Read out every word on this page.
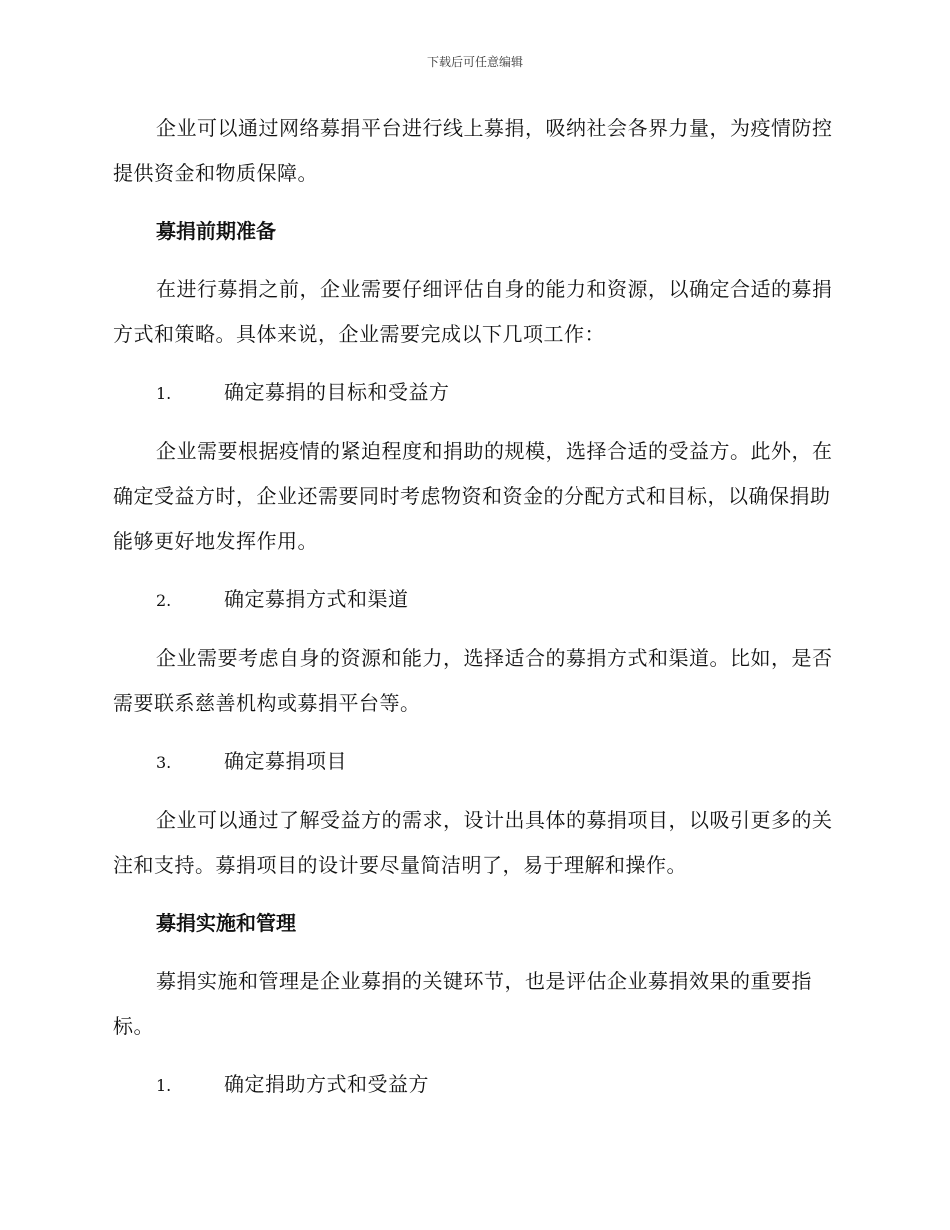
下载后可任意编辑

企业可以通过网络募捐平台进行线上募捐，吸纳社会各界力量，为疫情防控提供资金和物质保障。

募捐前期准备

在进行募捐之前，企业需要仔细评估自身的能力和资源，以确定合适的募捐方式和策略。具体来说，企业需要完成以下几项工作：

1.	确定募捐的目标和受益方

企业需要根据疫情的紧迫程度和捐助的规模，选择合适的受益方。此外，在确定受益方时，企业还需要同时考虑物资和资金的分配方式和目标，以确保捐助能够更好地发挥作用。

2.	确定募捐方式和渠道

企业需要考虑自身的资源和能力，选择适合的募捐方式和渠道。比如，是否需要联系慈善机构或募捐平台等。

3.	确定募捐项目

企业可以通过了解受益方的需求，设计出具体的募捐项目，以吸引更多的关注和支持。募捐项目的设计要尽量简洁明了，易于理解和操作。

募捐实施和管理

募捐实施和管理是企业募捐的关键环节，也是评估企业募捐效果的重要指标。

1.	确定捐助方式和受益方
